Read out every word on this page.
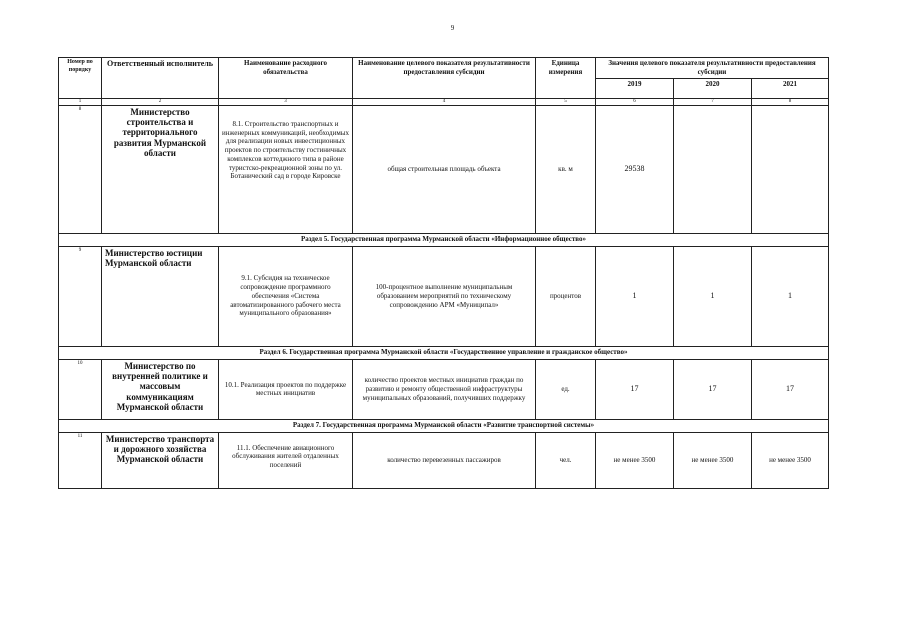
9
Номер по порядку	Ответственный исполнитель	Наименование расходного обязательства	Наименование целевого показателя результативности предоставления субсидии	Единица измерения	Значения целевого показателя результативности предоставления субсидии		
					2019	2020	2021
1	2	3	4	5	6	7	8
8	Министерство строительства и территориального развития Мурманской области	8.1. Строительство транспортных и инженерных коммуникаций, необходимых для реализации новых инвестиционных проектов по строительству гостиничных комплексов коттеджного типа в районе туристско-рекреационной зоны по ул. Ботанический сад в городе Кировске	общая строительная площадь объекта	кв. м	29538		
Раздел 5. Государственная программа Мурманской области «Информационное общество»							
9	Министерство юстиции Мурманской области	9.1. Субсидия на техническое сопровождение программного обеспечения «Система автоматизированного рабочего места муниципального образования»	100-процентное выполнение муниципальным образованием мероприятий по техническому сопровождению АРМ «Муниципал»	процентов	1	1	1
Раздел 6. Государственная программа Мурманской области «Государственное управление и гражданское общество»							
10	Министерство по внутренней политике и массовым коммуникациям Мурманской области	10.1. Реализация проектов по поддержке местных инициатив	количество проектов местных инициатив граждан по развитию и ремонту общественной инфраструктуры муниципальных образований, получивших поддержку	ед.	17	17	17
Раздел 7. Государственная программа Мурманской области «Развитие транспортной системы»							
11	Министерство транспорта и дорожного хозяйства Мурманской области	11.1. Обеспечение авиационного обслуживания жителей отдаленных поселений	количество перевезенных пассажиров	чел.	не менее 3500	не менее 3500	не менее 3500
